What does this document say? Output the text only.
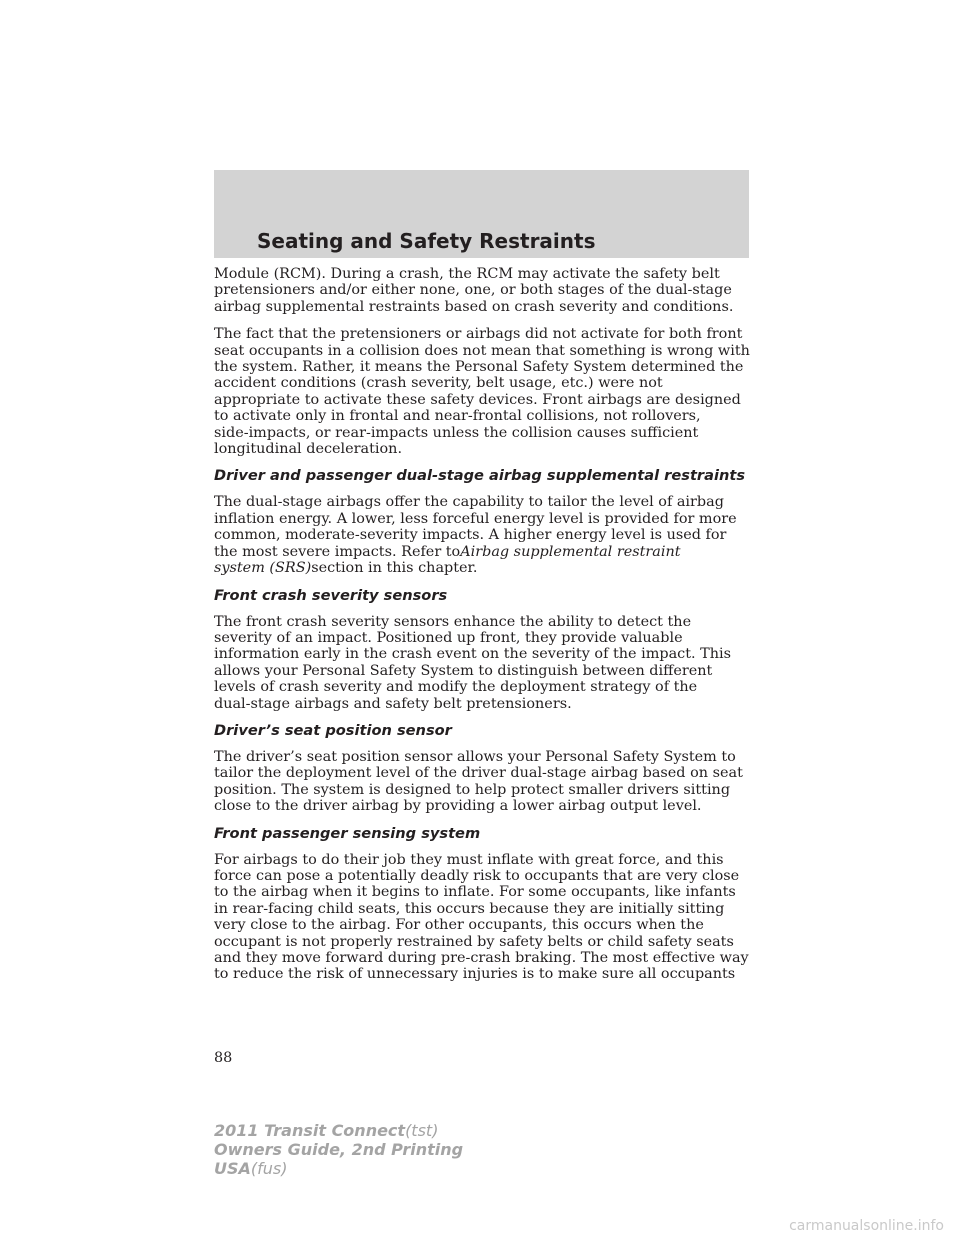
Seating and Safety Restraints

Module (RCM). During a crash, the RCM may activate the safety belt
pretensioners and/or either none, one, or both stages of the dual-stage
airbag supplemental restraints based on crash severity and conditions.

The fact that the pretensioners or airbags did not activate for both front
seat occupants in a collision does not mean that something is wrong with
the system. Rather, it means the Personal Safety System determined the
accident conditions (crash severity, belt usage, etc.) were not
appropriate to activate these safety devices. Front airbags are designed
to activate only in frontal and near-frontal collisions, not rollovers,
side-impacts, or rear-impacts unless the collision causes sufficient
longitudinal deceleration.

Driver and passenger dual-stage airbag supplemental restraints

The dual-stage airbags offer the capability to tailor the level of airbag
inflation energy. A lower, less forceful energy level is provided for more
common, moderate-severity impacts. A higher energy level is used for
the most severe impacts. Refer toAirbag supplemental restraint
system (SRS)section in this chapter.

Front crash severity sensors

The front crash severity sensors enhance the ability to detect the
severity of an impact. Positioned up front, they provide valuable
information early in the crash event on the severity of the impact. This
allows your Personal Safety System to distinguish between different
levels of crash severity and modify the deployment strategy of the
dual-stage airbags and safety belt pretensioners.

Driver’s seat position sensor

The driver’s seat position sensor allows your Personal Safety System to
tailor the deployment level of the driver dual-stage airbag based on seat
position. The system is designed to help protect smaller drivers sitting
close to the driver airbag by providing a lower airbag output level.

Front passenger sensing system

For airbags to do their job they must inflate with great force, and this
force can pose a potentially deadly risk to occupants that are very close
to the airbag when it begins to inflate. For some occupants, like infants
in rear-facing child seats, this occurs because they are initially sitting
very close to the airbag. For other occupants, this occurs when the
occupant is not properly restrained by safety belts or child safety seats
and they move forward during pre-crash braking. The most effective way
to reduce the risk of unnecessary injuries is to make sure all occupants

88
2011 Transit Connect(tst)
Owners Guide, 2nd Printing
USA(fus)
carmanualsonline.info
